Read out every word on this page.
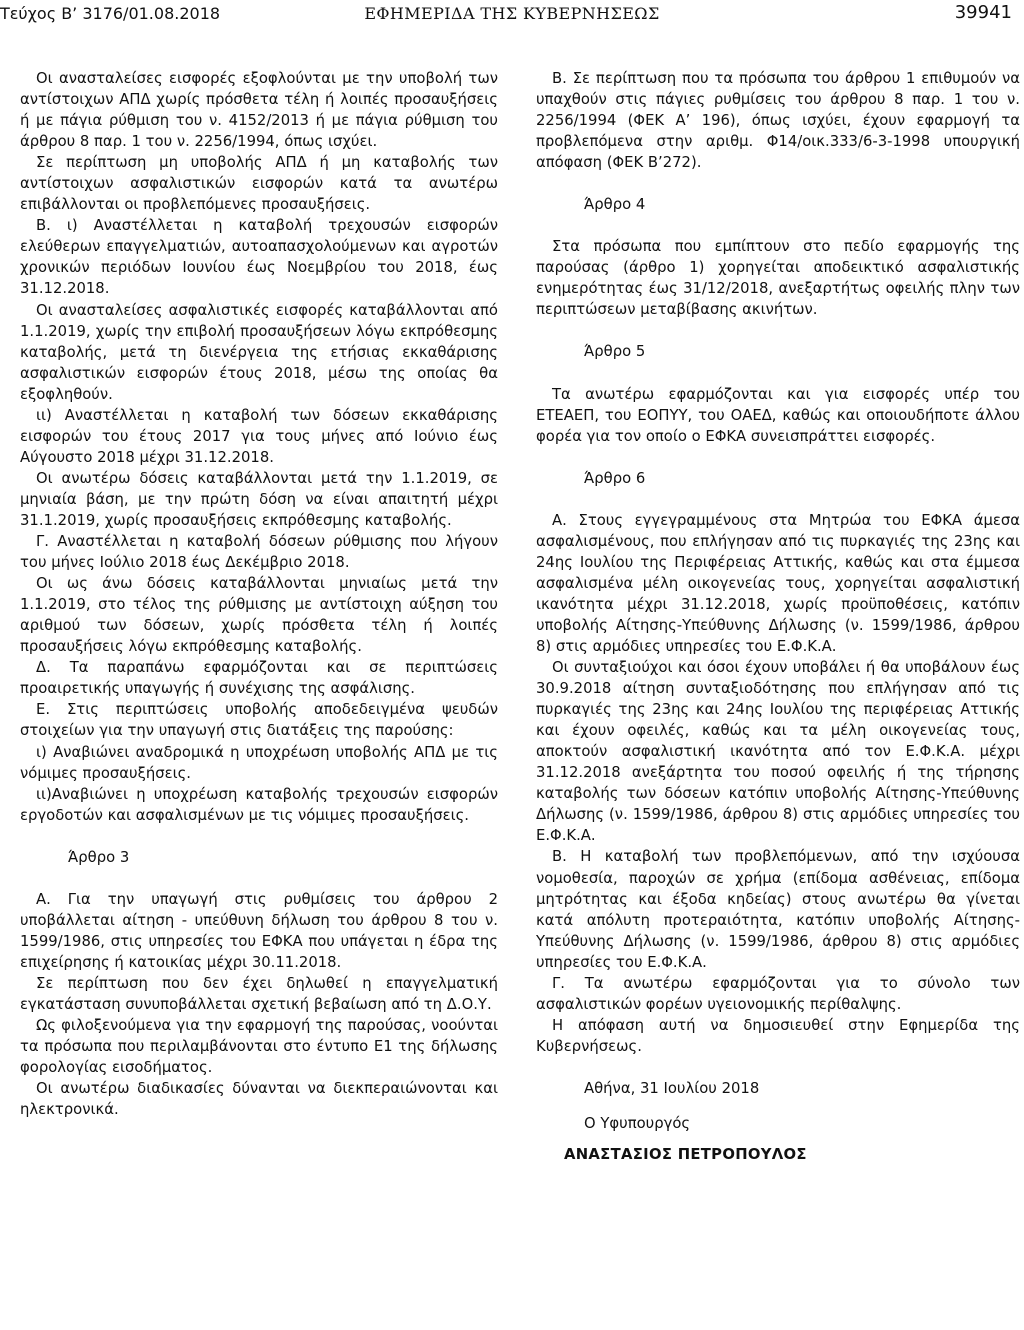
Τεύχος Β’ 3176/01.08.2018	ΕΦΗΜΕΡΙΔΑ ΤΗΣ ΚΥΒΕΡΝΗΣΕΩΣ	39941

Οι ανασταλείσες εισφορές εξοφλούνται με την υποβολή των αντίστοιχων ΑΠΔ χωρίς πρόσθετα τέλη ή λοιπές προσαυξήσεις ή με πάγια ρύθμιση του ν. 4152/2013 ή με πάγια ρύθμιση του άρθρου 8 παρ. 1 του ν. 2256/1994, όπως ισχύει.

Σε περίπτωση μη υποβολής ΑΠΔ ή μη καταβολής των αντίστοιχων ασφαλιστικών εισφορών κατά τα ανωτέρω επιβάλλονται οι προβλεπόμενες προσαυξήσεις.

Β. ι) Αναστέλλεται η καταβολή τρεχουσών εισφορών ελεύθερων επαγγελματιών, αυτοαπασχολούμενων και αγροτών χρονικών περιόδων Ιουνίου έως Νοεμβρίου του 2018, έως 31.12.2018.

Οι ανασταλείσες ασφαλιστικές εισφορές καταβάλλονται από 1.1.2019, χωρίς την επιβολή προσαυξήσεων λόγω εκπρόθεσμης καταβολής, μετά τη διενέργεια της ετήσιας εκκαθάρισης ασφαλιστικών εισφορών έτους 2018, μέσω της οποίας θα εξοφληθούν.

ιι) Αναστέλλεται η καταβολή των δόσεων εκκαθάρισης εισφορών του έτους 2017 για τους μήνες από Ιούνιο έως Αύγουστο 2018 μέχρι 31.12.2018.

Οι ανωτέρω δόσεις καταβάλλονται μετά την 1.1.2019, σε μηνιαία βάση, με την πρώτη δόση να είναι απαιτητή μέχρι 31.1.2019, χωρίς προσαυξήσεις εκπρόθεσμης καταβολής.

Γ. Αναστέλλεται η καταβολή δόσεων ρύθμισης που λήγουν του μήνες Ιούλιο 2018 έως Δεκέμβριο 2018.

Οι ως άνω δόσεις καταβάλλονται μηνιαίως μετά την 1.1.2019, στο τέλος της ρύθμισης με αντίστοιχη αύξηση του αριθμού των δόσεων, χωρίς πρόσθετα τέλη ή λοιπές προσαυξήσεις λόγω εκπρόθεσμης καταβολής.

Δ. Τα παραπάνω εφαρμόζονται και σε περιπτώσεις προαιρετικής υπαγωγής ή συνέχισης της ασφάλισης.

Ε. Στις περιπτώσεις υποβολής αποδεδειγμένα ψευδών στοιχείων για την υπαγωγή στις διατάξεις της παρούσης:

ι) Αναβιώνει αναδρομικά η υποχρέωση υποβολής ΑΠΔ με τις νόμιμες προσαυξήσεις.

ιι)Αναβιώνει η υποχρέωση καταβολής τρεχουσών εισφορών εργοδοτών και ασφαλισμένων με τις νόμιμες προσαυξήσεις.

Άρθρο 3

Α. Για την υπαγωγή στις ρυθμίσεις του άρθρου 2 υποβάλλεται αίτηση - υπεύθυνη δήλωση του άρθρου 8 του ν. 1599/1986, στις υπηρεσίες του ΕΦΚΑ που υπάγεται η έδρα της επιχείρησης ή κατοικίας μέχρι 30.11.2018.

Σε περίπτωση που δεν έχει δηλωθεί η επαγγελματική εγκατάσταση συνυποβάλλεται σχετική βεβαίωση από τη Δ.Ο.Υ.

Ως φιλοξενούμενα για την εφαρμογή της παρούσας, νοούνται τα πρόσωπα που περιλαμβάνονται στο έντυπο Ε1 της δήλωσης φορολογίας εισοδήματος.

Οι ανωτέρω διαδικασίες δύνανται να διεκπεραιώνονται και ηλεκτρονικά.

Β. Σε περίπτωση που τα πρόσωπα του άρθρου 1 επιθυμούν να υπαχθούν στις πάγιες ρυθμίσεις του άρθρου 8 παρ. 1 του ν. 2256/1994 (ΦΕΚ Α’ 196), όπως ισχύει, έχουν εφαρμογή τα προβλεπόμενα στην αριθμ. Φ14/οικ.333/6-3-1998 υπουργική απόφαση (ΦΕΚ Β’272).

Άρθρο 4

Στα πρόσωπα που εμπίπτουν στο πεδίο εφαρμογής της παρούσας (άρθρο 1) χορηγείται αποδεικτικό ασφαλιστικής ενημερότητας έως 31/12/2018, ανεξαρτήτως οφειλής πλην των περιπτώσεων μεταβίβασης ακινήτων.

Άρθρο 5

Τα ανωτέρω εφαρμόζονται και για εισφορές υπέρ του ΕΤΕΑΕΠ, του ΕΟΠΥΥ, του ΟΑΕΔ, καθώς και οποιουδήποτε άλλου φορέα για τον οποίο ο ΕΦΚΑ συνεισπράττει εισφορές.

Άρθρο 6

Α. Στους εγγεγραμμένους στα Μητρώα του ΕΦΚΑ άμεσα ασφαλισμένους, που επλήγησαν από τις πυρκαγιές της 23ης και 24ης Ιουλίου της Περιφέρειας Αττικής, καθώς και στα έμμεσα ασφαλισμένα μέλη οικογενείας τους, χορηγείται ασφαλιστική ικανότητα μέχρι 31.12.2018, χωρίς προϋποθέσεις, κατόπιν υποβολής Αίτησης-Υπεύθυνης Δήλωσης (ν. 1599/1986, άρθρου 8) στις αρμόδιες υπηρεσίες του Ε.Φ.Κ.Α.

Οι συνταξιούχοι και όσοι έχουν υποβάλει ή θα υποβάλουν έως 30.9.2018 αίτηση συνταξιοδότησης που επλήγησαν από τις πυρκαγιές της 23ης και 24ης Ιουλίου της περιφέρειας Αττικής και έχουν οφειλές, καθώς και τα μέλη οικογενείας τους, αποκτούν ασφαλιστική ικανότητα από τον Ε.Φ.Κ.Α. μέχρι 31.12.2018 ανεξάρτητα του ποσού οφειλής ή της τήρησης καταβολής των δόσεων κατόπιν υποβολής Αίτησης-Υπεύθυνης Δήλωσης (ν. 1599/1986, άρθρου 8) στις αρμόδιες υπηρεσίες του Ε.Φ.Κ.Α.

Β. Η καταβολή των προβλεπόμενων, από την ισχύουσα νομοθεσία, παροχών σε χρήμα (επίδομα ασθένειας, επίδομα μητρότητας και έξοδα κηδείας) στους ανωτέρω θα γίνεται κατά απόλυτη προτεραιότητα, κατόπιν υποβολής Αίτησης-Υπεύθυνης Δήλωσης (ν. 1599/1986, άρθρου 8) στις αρμόδιες υπηρεσίες του Ε.Φ.Κ.Α.

Γ. Τα ανωτέρω εφαρμόζονται για το σύνολο των ασφαλιστικών φορέων υγειονομικής περίθαλψης.

Η απόφαση αυτή να δημοσιευθεί στην Εφημερίδα της Κυβερνήσεως.

Αθήνα, 31 Ιουλίου 2018

Ο Υφυπουργός

ΑΝΑΣΤΑΣΙΟΣ ΠΕΤΡΟΠΟΥΛΟΣ
